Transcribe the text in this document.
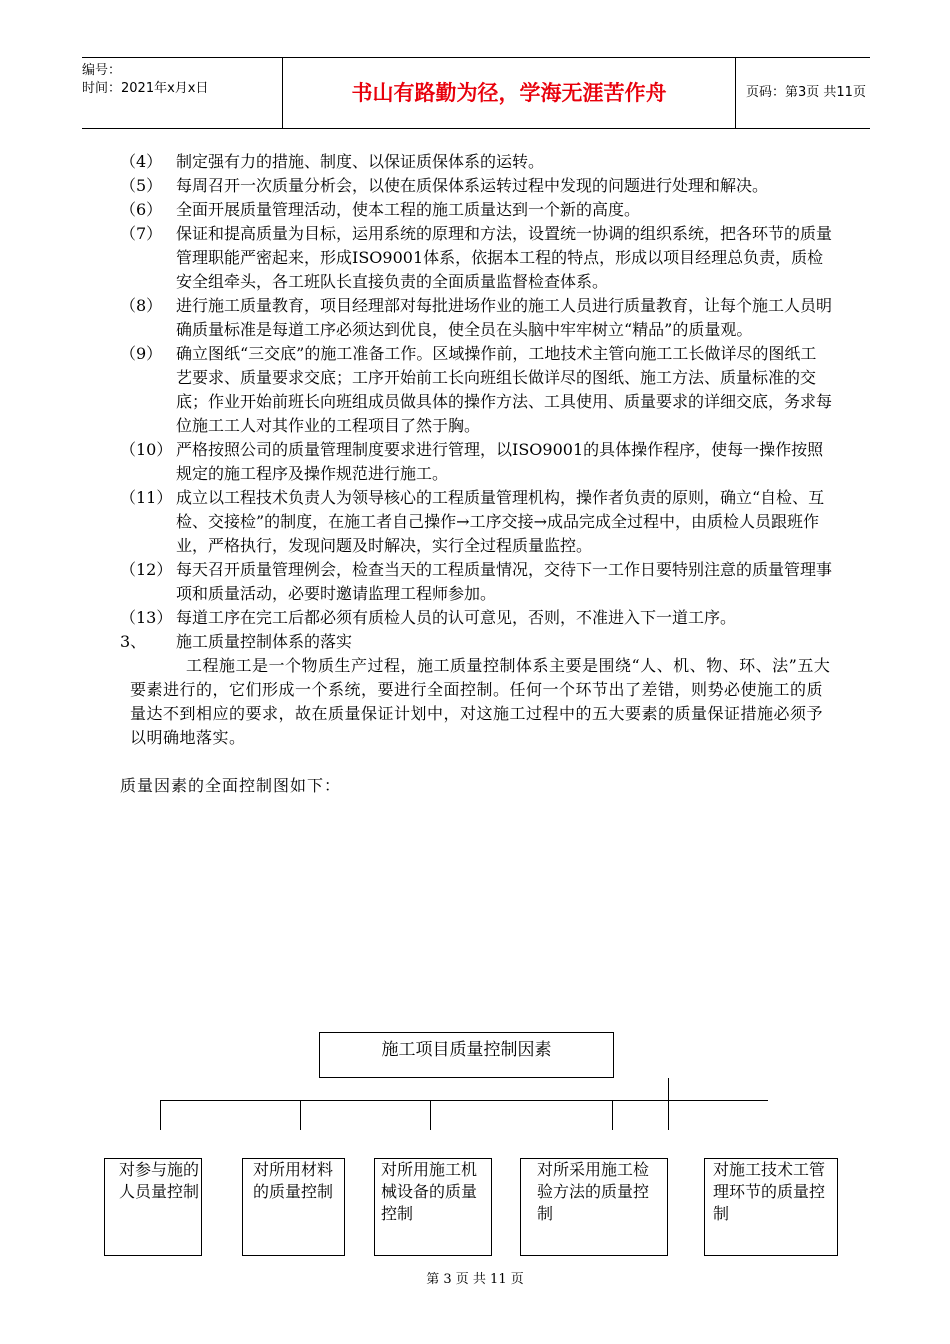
编号：
时间：2021年x月x日	书山有路勤为径，学海无涯苦作舟	页码：第3页 共11页

（4） 制定强有力的措施、制度、以保证质保体系的运转。

（5） 每周召开一次质量分析会，以使在质保体系运转过程中发现的问题进行处理和解决。

（6） 全面开展质量管理活动，使本工程的施工质量达到一个新的高度。

（7） 保证和提高质量为目标，运用系统的原理和方法，设置统一协调的组织系统，把各环节的质量管理职能严密起来，形成ISO9001体系，依据本工程的特点，形成以项目经理总负责，质检安全组牵头，各工班队长直接负责的全面质量监督检查体系。

（8） 进行施工质量教育，项目经理部对每批进场作业的施工人员进行质量教育，让每个施工人员明确质量标准是每道工序必须达到优良，使全员在头脑中牢牢树立“精品”的质量观。

（9） 确立图纸“三交底”的施工准备工作。区域操作前，工地技术主管向施工工长做详尽的图纸工艺要求、质量要求交底；工序开始前工长向班组长做详尽的图纸、施工方法、质量标准的交底；作业开始前班长向班组成员做具体的操作方法、工具使用、质量要求的详细交底，务求每位施工工人对其作业的工程项目了然于胸。

（10） 严格按照公司的质量管理制度要求进行管理，以ISO9001的具体操作程序，使每一操作按照规定的施工程序及操作规范进行施工。

（11） 成立以工程技术负责人为领导核心的工程质量管理机构，操作者负责的原则，确立“自检、互检、交接检”的制度，在施工者自己操作→工序交接→成品完成全过程中，由质检人员跟班作业，严格执行，发现问题及时解决，实行全过程质量监控。

（12） 每天召开质量管理例会，检查当天的工程质量情况，交待下一工作日要特别注意的质量管理事项和质量活动，必要时邀请监理工程师参加。

（13） 每道工序在完工后都必须有质检人员的认可意见，否则，不准进入下一道工序。

3、 施工质量控制体系的落实

工程施工是一个物质生产过程，施工质量控制体系主要是围绕“人、机、物、环、法”五大要素进行的，它们形成一个系统，要进行全面控制。任何一个环节出了差错，则势必使施工的质量达不到相应的要求，故在质量保证计划中，对这施工过程中的五大要素的质量保证措施必须予以明确地落实。

质量因素的全面控制图如下：

施工项目质量控制因素
对参与施的人员量控制
对所用材料的质量控制
对所用施工机械设备的质量控制
对所采用施工检验方法的质量控制
对施工技术工管理环节的质量控制
第 3 页 共 11 页
